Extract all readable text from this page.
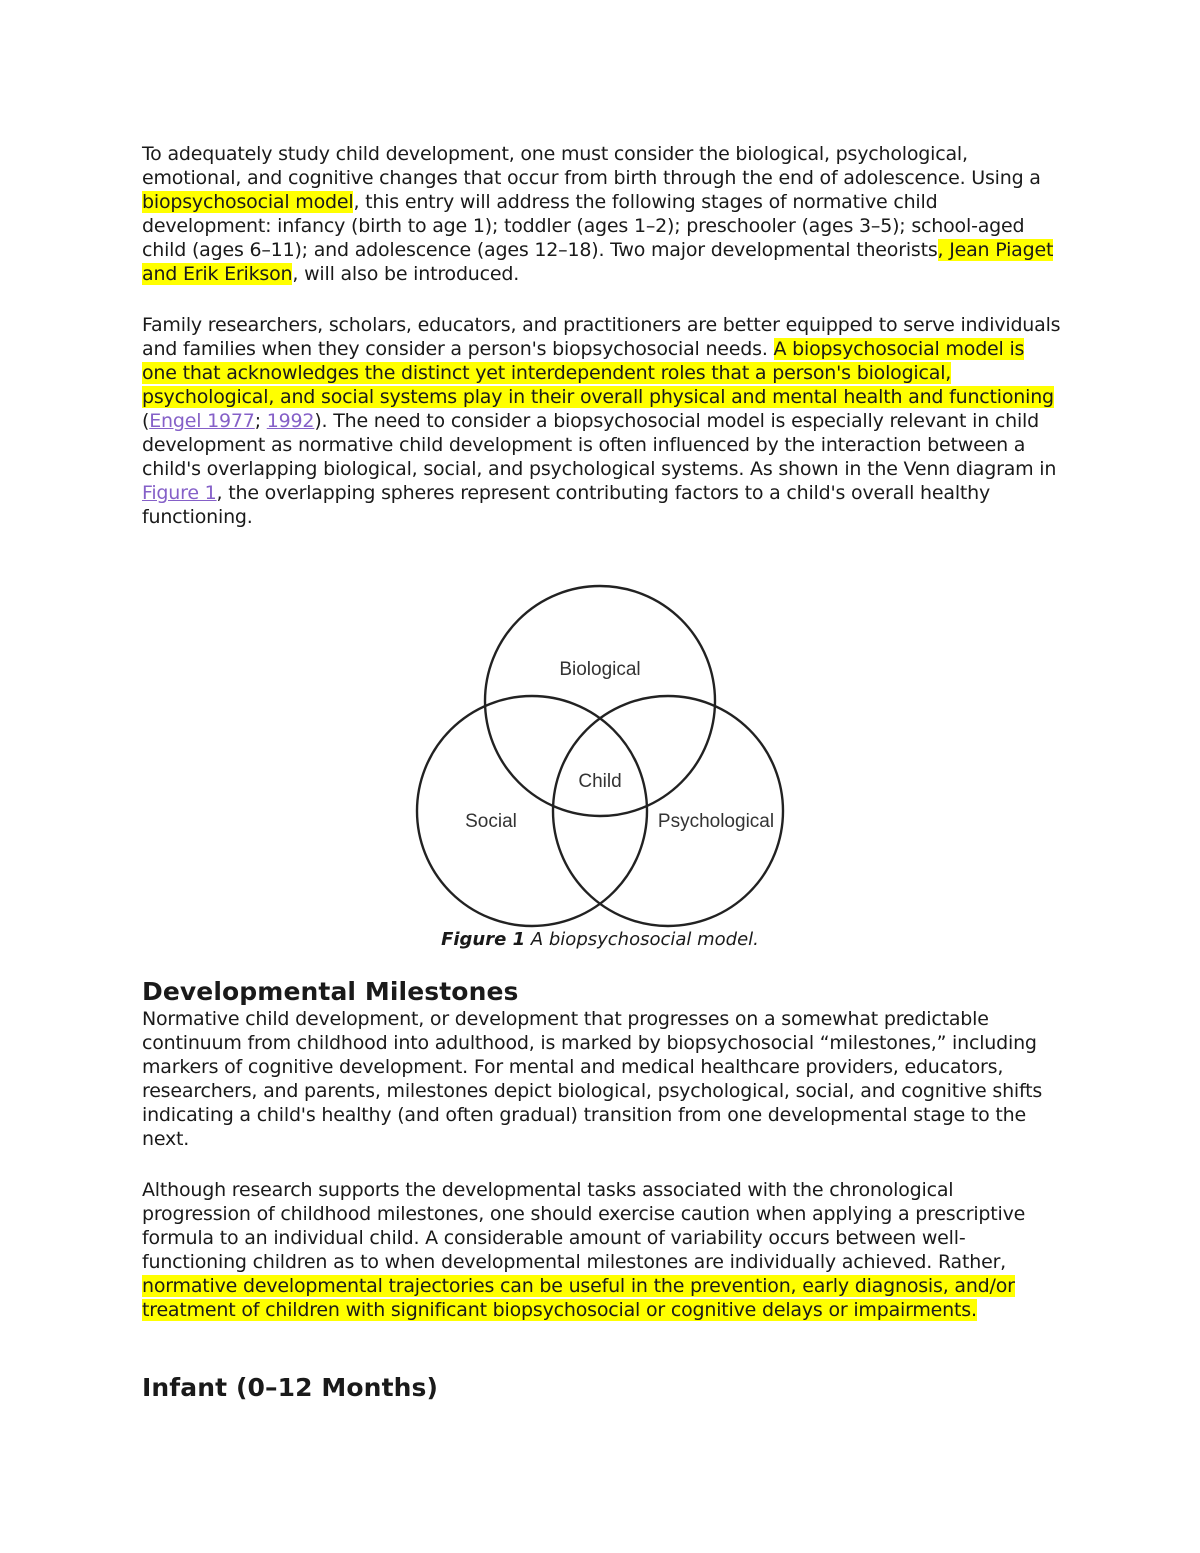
To adequately study child development, one must consider the biological, psychological, emotional, and cognitive changes that occur from birth through the end of adolescence. Using a biopsychosocial model, this entry will address the following stages of normative child development: infancy (birth to age 1); toddler (ages 1–2); preschooler (ages 3–5); school-aged child (ages 6–11); and adolescence (ages 12–18). Two major developmental theorists, Jean Piaget and Erik Erikson, will also be introduced.

Family researchers, scholars, educators, and practitioners are better equipped to serve individuals and families when they consider a person's biopsychosocial needs. A biopsychosocial model is one that acknowledges the distinct yet interdependent roles that a person's biological, psychological, and social systems play in their overall physical and mental health and functioning (Engel 1977; 1992). The need to consider a biopsychosocial model is especially relevant in child development as normative child development is often influenced by the interaction between a child's overlapping biological, social, and psychological systems. As shown in the Venn diagram in Figure 1, the overlapping spheres represent contributing factors to a child's overall healthy functioning.

Biological
Social	Psychological
Child
Figure 1 A biopsychosocial model.
Developmental Milestones

Normative child development, or development that progresses on a somewhat predictable continuum from childhood into adulthood, is marked by biopsychosocial “milestones,” including markers of cognitive development. For mental and medical healthcare providers, educators, researchers, and parents, milestones depict biological, psychological, social, and cognitive shifts indicating a child's healthy (and often gradual) transition from one developmental stage to the next.

Although research supports the developmental tasks associated with the chronological progression of childhood milestones, one should exercise caution when applying a prescriptive formula to an individual child. A considerable amount of variability occurs between well-functioning children as to when developmental milestones are individually achieved. Rather, normative developmental trajectories can be useful in the prevention, early diagnosis, and/or treatment of children with significant biopsychosocial or cognitive delays or impairments.

Infant (0–12 Months)
